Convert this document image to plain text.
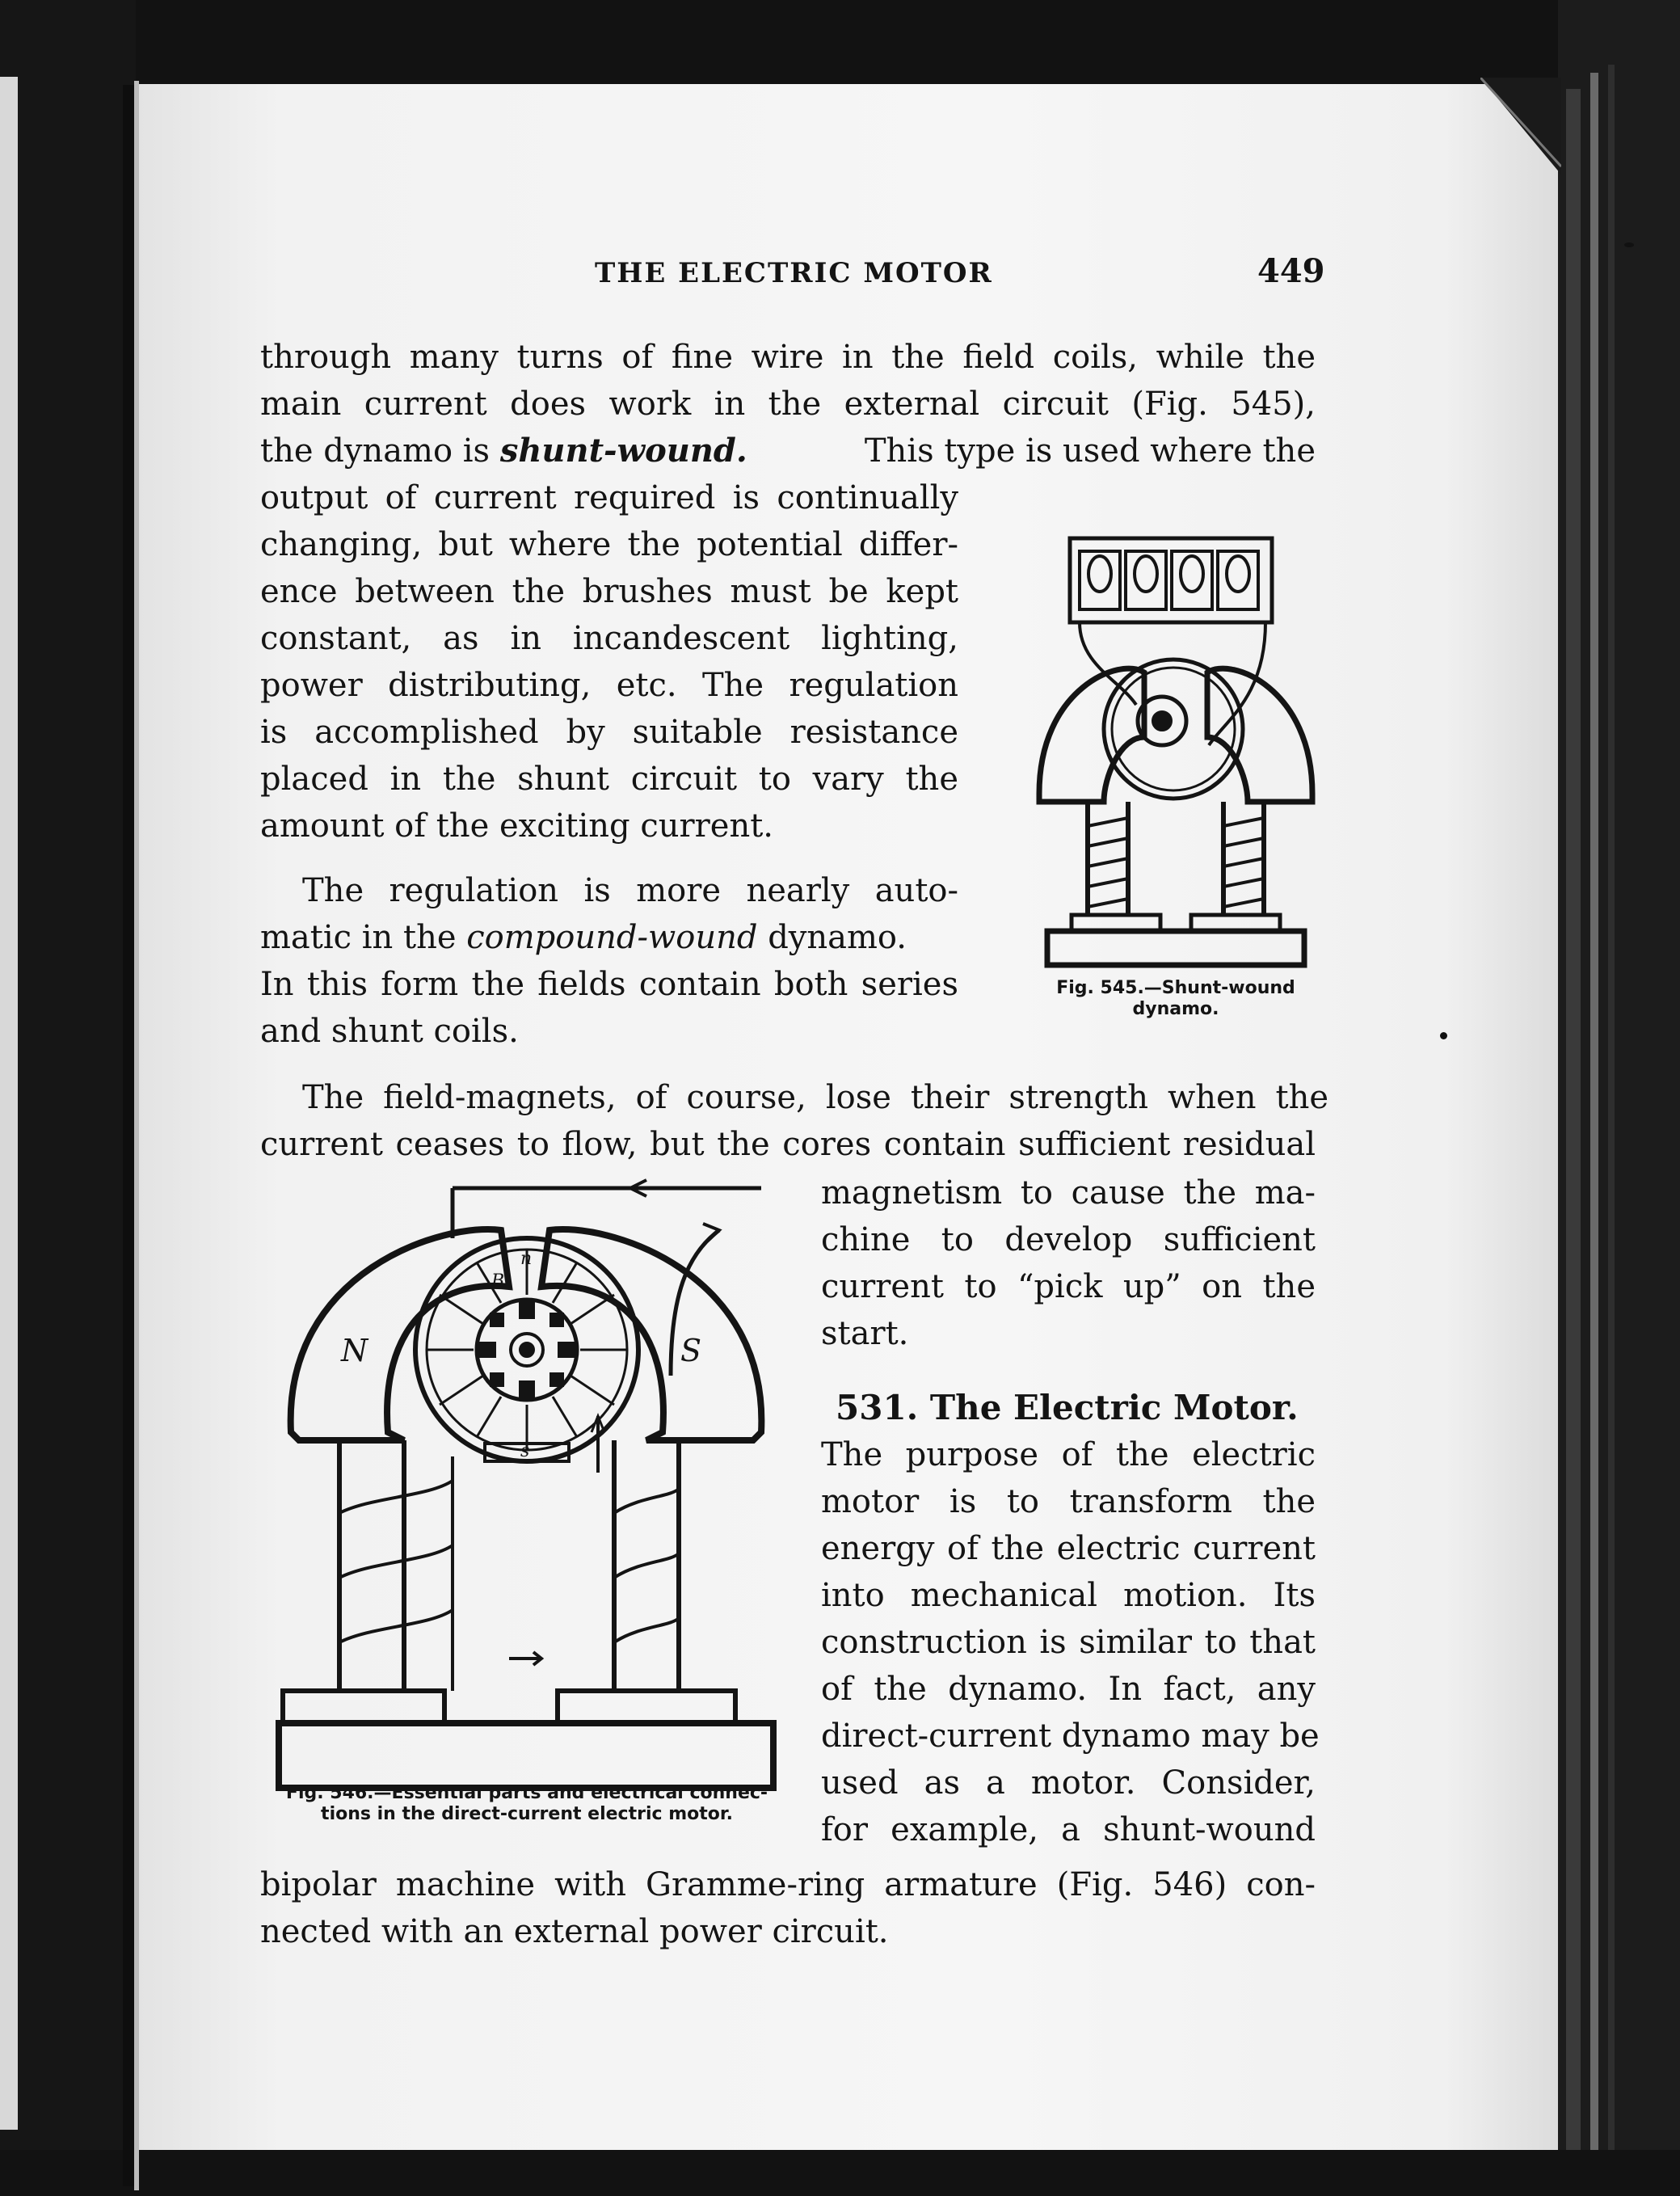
THE ELECTRIC MOTOR	449
through many turns of fine wire in the field coils, while the
main current does work in the external circuit (Fig. 545),
the dynamo is shunt-wound.	This type is used where the
output of current required is continually
changing, but where the potential differ-
ence between the brushes must be kept
constant, as in incandescent lighting,
power distributing, etc. The regulation
is accomplished by suitable resistance
placed in the shunt circuit to vary the
amount of the exciting current.
The regulation is more nearly auto-
matic in the compound-wound dynamo.
In this form the fields contain both series
and shunt coils.
Fig. 545.—Shunt-wound
dynamo.
The field-magnets, of course, lose their strength when the
current ceases to flow, but the cores contain sufficient residual
magnetism to cause the ma-
chine to develop sufficient
current to “pick up” on the
start.
531. The Electric Motor.
The purpose of the electric
motor is to transform the
energy of the electric current
into mechanical motion. Its
construction is similar to that
of the dynamo. In fact, any
direct-current dynamo may be
used as a motor. Consider,
for example, a shunt-wound
bipolar machine with Gramme-ring armature (Fig. 546) con-
nected with an external power circuit.
N	S
n
s
B
Fig. 546.—Essential parts and electrical connec-
tions in the direct-current electric motor.
